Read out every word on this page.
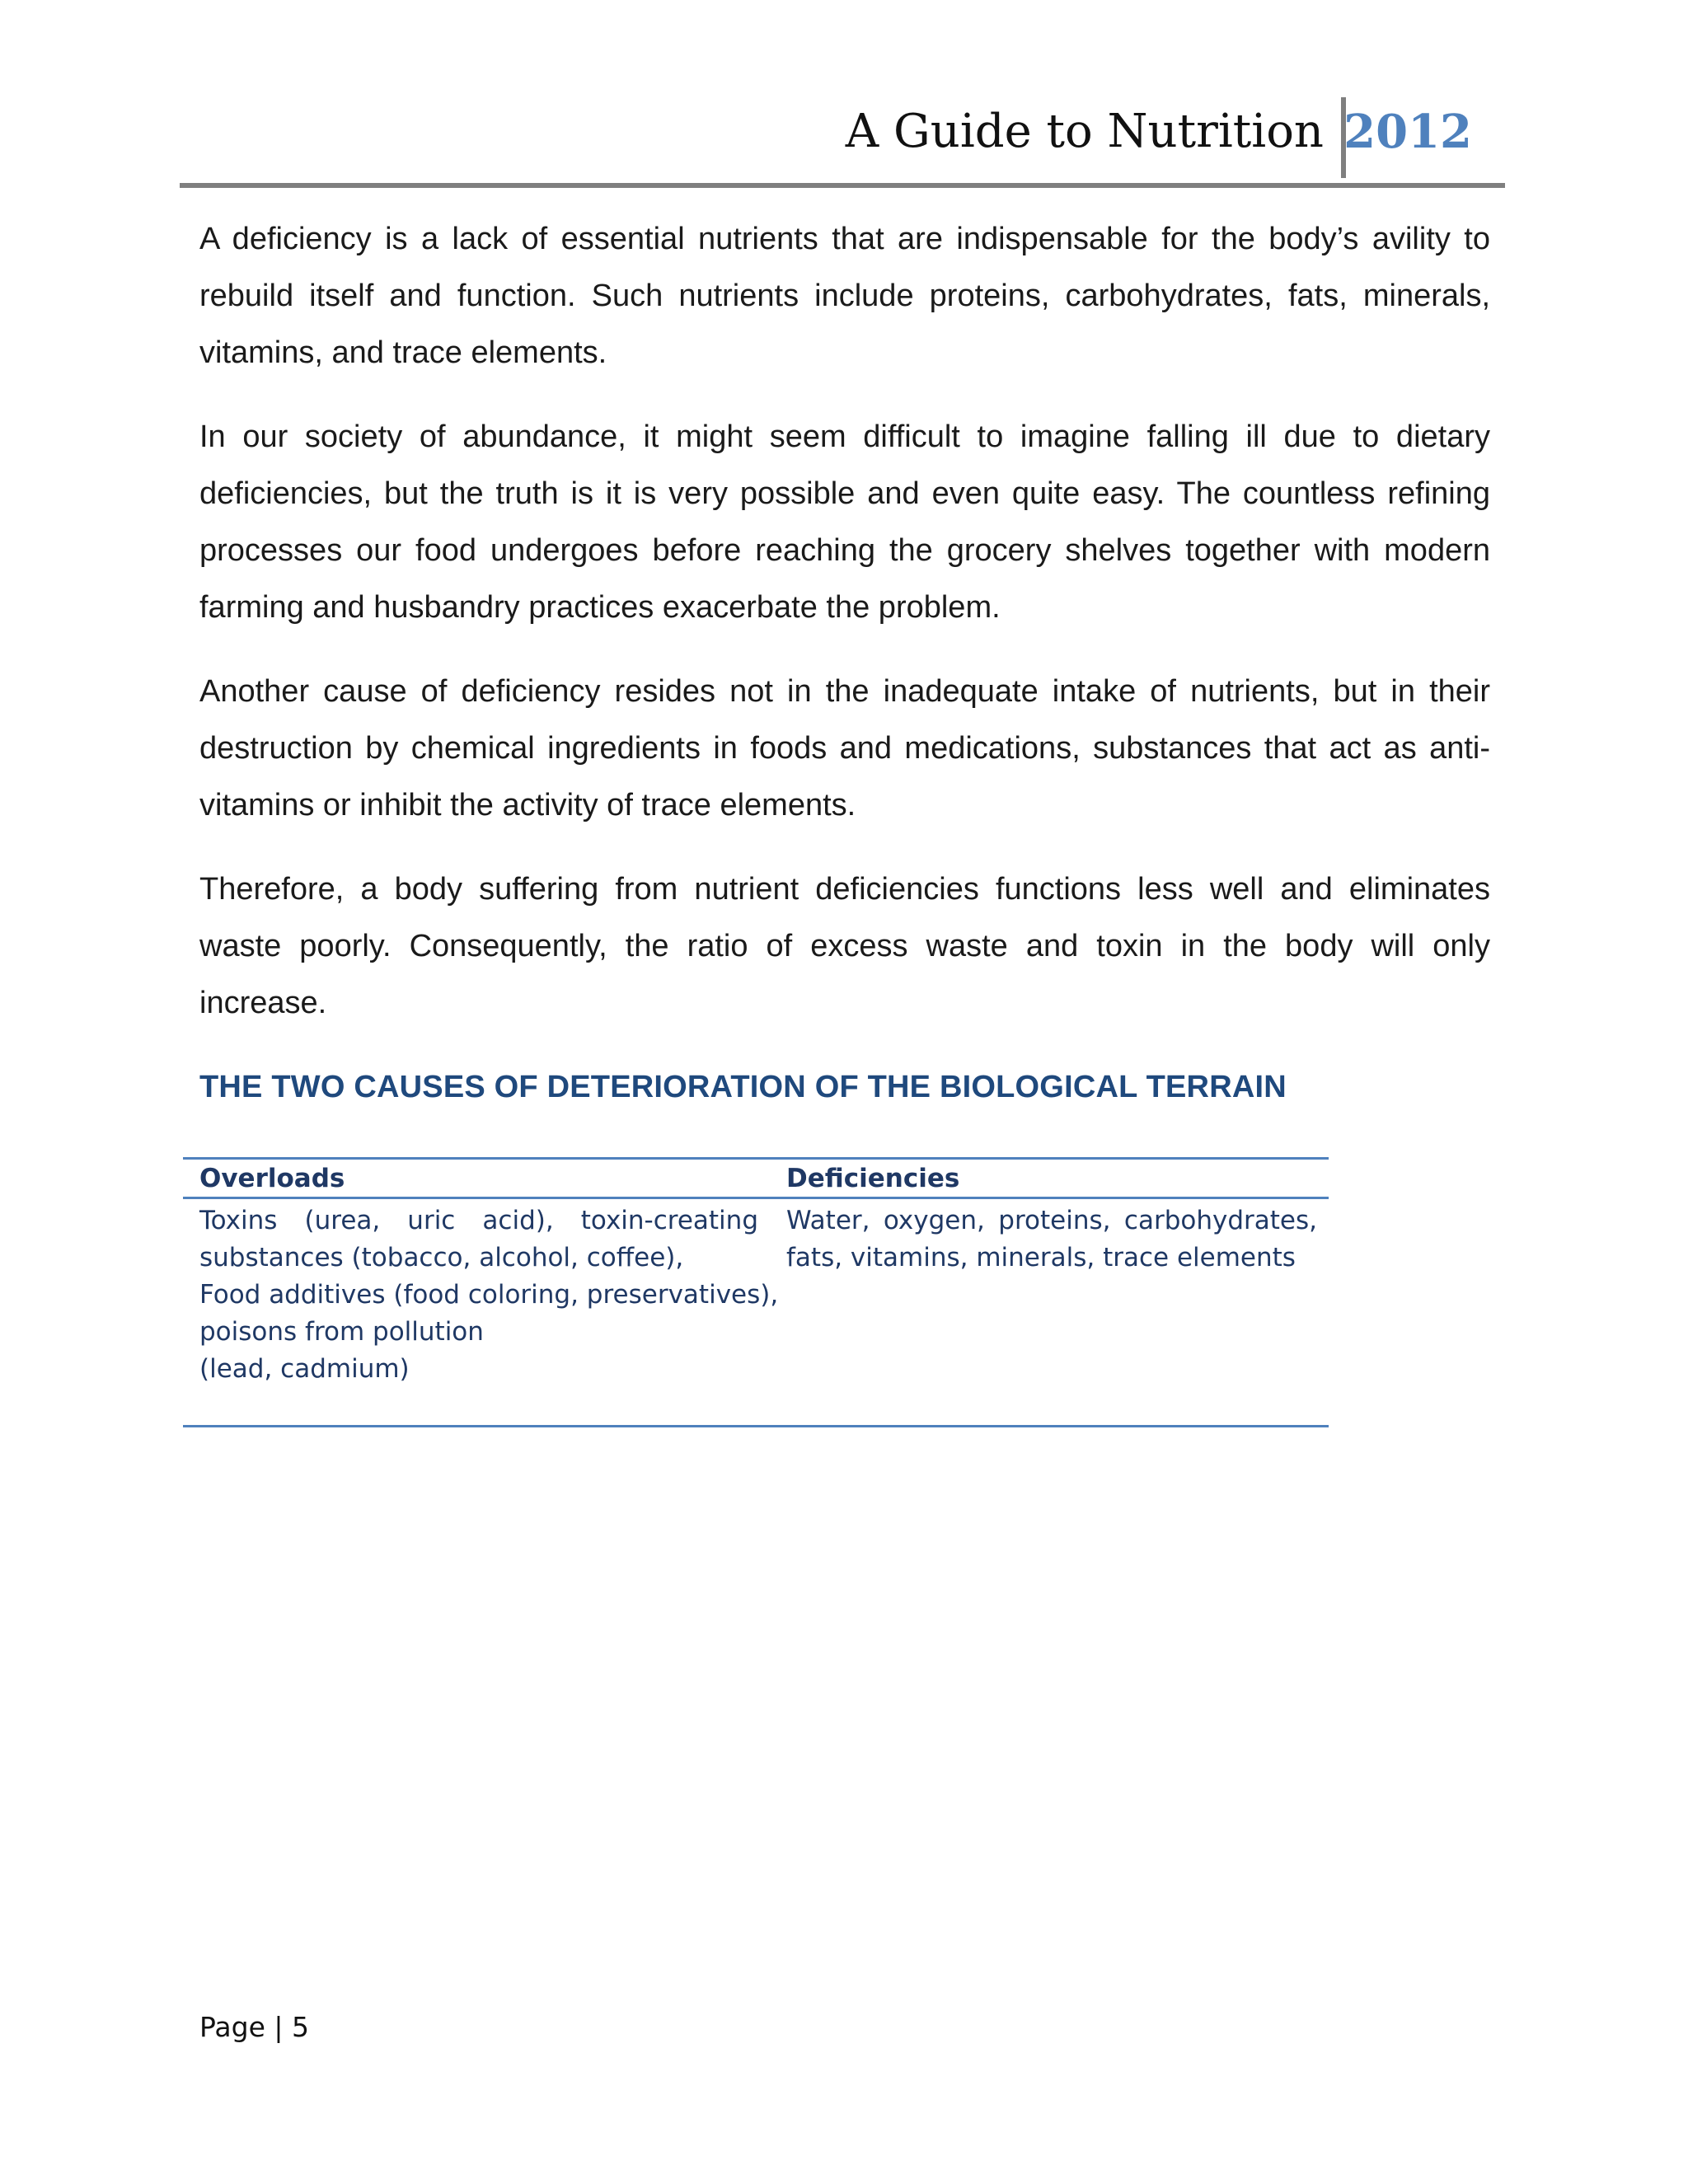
A Guide to Nutrition 2012

A deficiency is a lack of essential nutrients that are indispensable for the body’s avility to rebuild itself and function. Such nutrients include proteins, carbohydrates, fats, minerals, vitamins, and trace elements.

In our society of abundance, it might seem difficult to imagine falling ill due to dietary deficiencies, but the truth is it is very possible and even quite easy. The countless refining processes our food undergoes before reaching the grocery shelves together with modern farming and husbandry practices exacerbate the problem.

Another cause of deficiency resides not in the inadequate intake of nutrients, but in their destruction by chemical ingredients in foods and medications, substances that act as anti-vitamins or inhibit the activity of trace elements.

Therefore, a body suffering from nutrient deficiencies functions less well and eliminates waste poorly. Consequently, the ratio of excess waste and toxin in the body will only increase.

THE TWO CAUSES OF DETERIORATION OF THE BIOLOGICAL TERRAIN
Overloads	Deficiencies
Toxins (urea, uric acid), toxin-creating
substances (tobacco, alcohol, coffee),
Food additives (food coloring, preservatives),
poisons from pollution
(lead, cadmium)
Water, oxygen, proteins, carbohydrates,
fats, vitamins, minerals, trace elements
Page | 5
